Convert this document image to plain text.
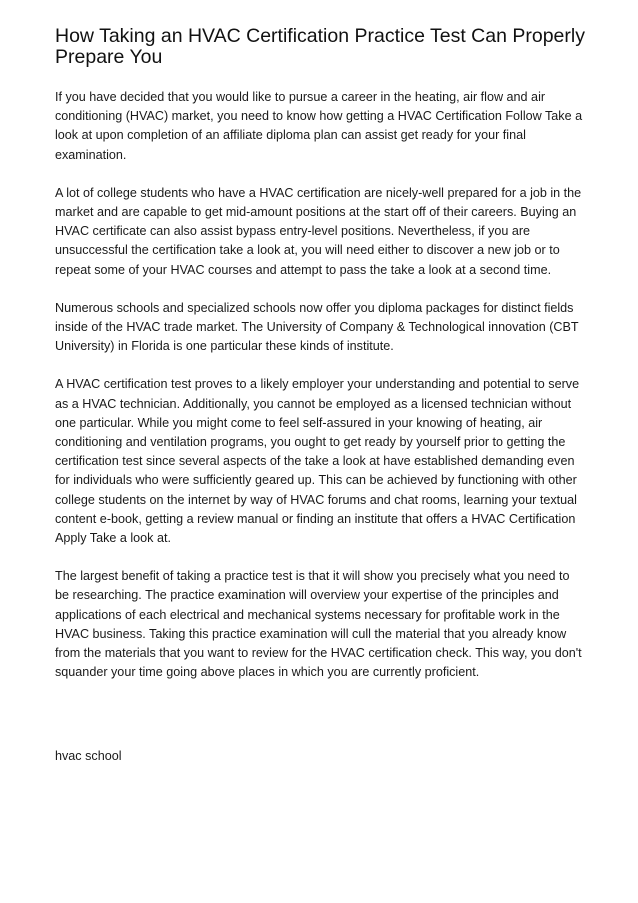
How Taking an HVAC Certification Practice Test Can Properly Prepare You

If you have decided that you would like to pursue a career in the heating, air flow and air conditioning (HVAC) market, you need to know how getting a HVAC Certification Follow Take a look at upon completion of an affiliate diploma plan can assist get ready for your final examination.

A lot of college students who have a HVAC certification are nicely-well prepared for a job in the market and are capable to get mid-amount positions at the start off of their careers. Buying an HVAC certificate can also assist bypass entry-level positions. Nevertheless, if you are unsuccessful the certification take a look at, you will need either to discover a new job or to repeat some of your HVAC courses and attempt to pass the take a look at a second time.

Numerous schools and specialized schools now offer you diploma packages for distinct fields inside of the HVAC trade market. The University of Company & Technological innovation (CBT University) in Florida is one particular these kinds of institute.

A HVAC certification test proves to a likely employer your understanding and potential to serve as a HVAC technician. Additionally, you cannot be employed as a licensed technician without one particular. While you might come to feel self-assured in your knowing of heating, air conditioning and ventilation programs, you ought to get ready by yourself prior to getting the certification test since several aspects of the take a look at have established demanding even for individuals who were sufficiently geared up. This can be achieved by functioning with other college students on the internet by way of HVAC forums and chat rooms, learning your textual content e-book, getting a review manual or finding an institute that offers a HVAC Certification Apply Take a look at.

The largest benefit of taking a practice test is that it will show you precisely what you need to be researching. The practice examination will overview your expertise of the principles and applications of each electrical and mechanical systems necessary for profitable work in the HVAC business. Taking this practice examination will cull the material that you already know from the materials that you want to review for the HVAC certification check. This way, you don't squander your time going above places in which you are currently proficient.

hvac school
